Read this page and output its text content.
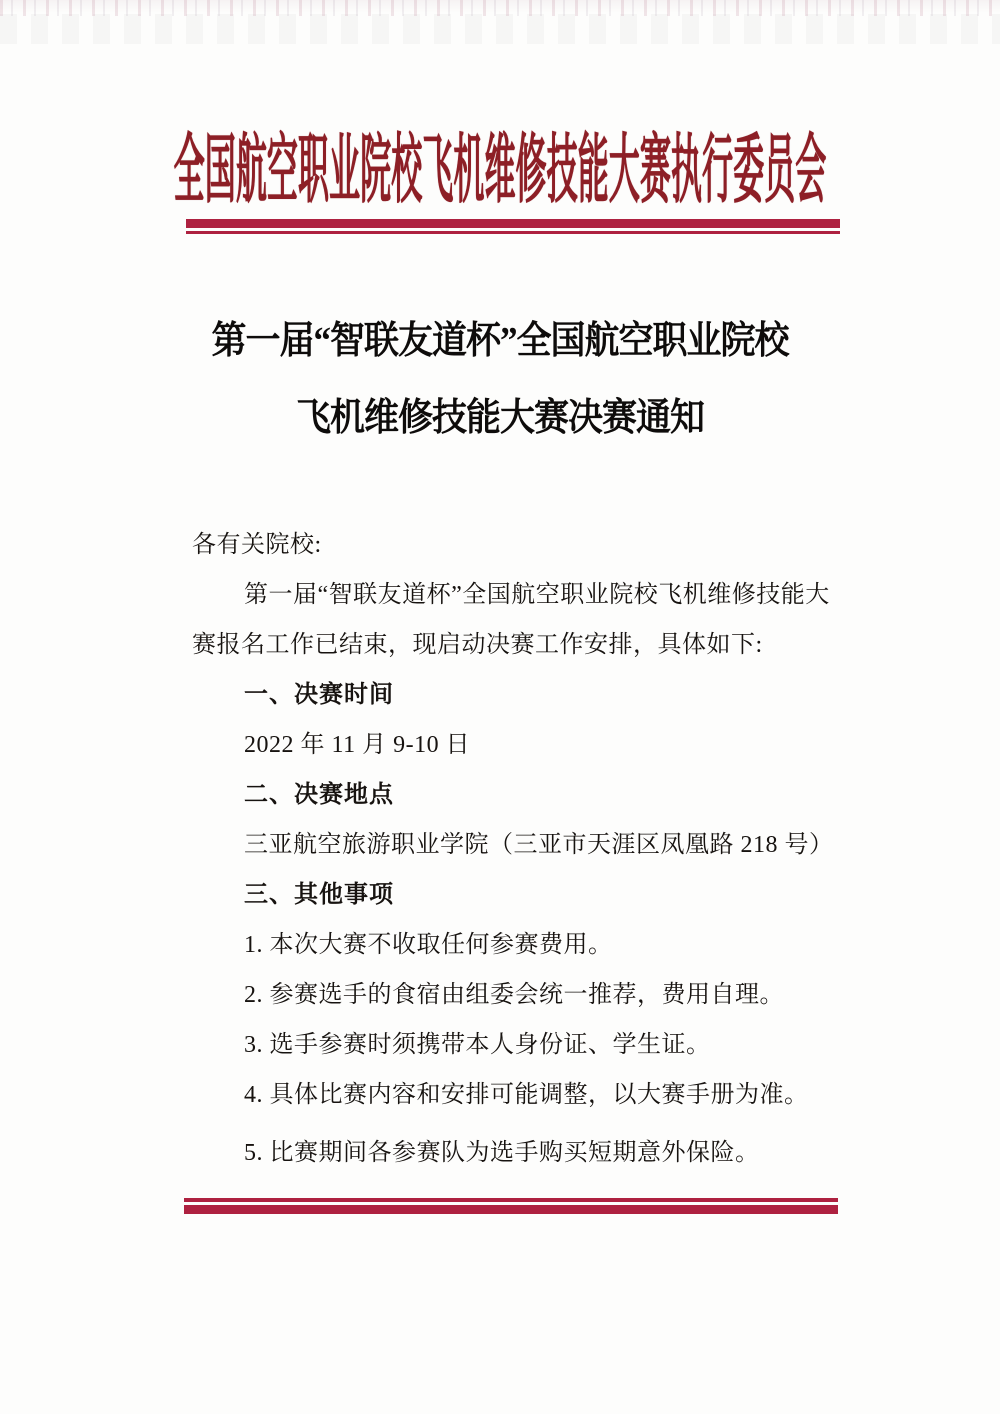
全国航空职业院校飞机维修技能大赛执行委员会
第一届“智联友道杯”全国航空职业院校
飞机维修技能大赛决赛通知
各有关院校:
第一届“智联友道杯”全国航空职业院校飞机维修技能大
赛报名工作已结束，现启动决赛工作安排，具体如下:
一、决赛时间
2022 年 11 月 9-10 日
二、决赛地点
三亚航空旅游职业学院（三亚市天涯区凤凰路 218 号）
三、其他事项
1. 本次大赛不收取任何参赛费用。
2. 参赛选手的食宿由组委会统一推荐，费用自理。
3. 选手参赛时须携带本人身份证、学生证。
4. 具体比赛内容和安排可能调整，以大赛手册为准。
5. 比赛期间各参赛队为选手购买短期意外保险。
